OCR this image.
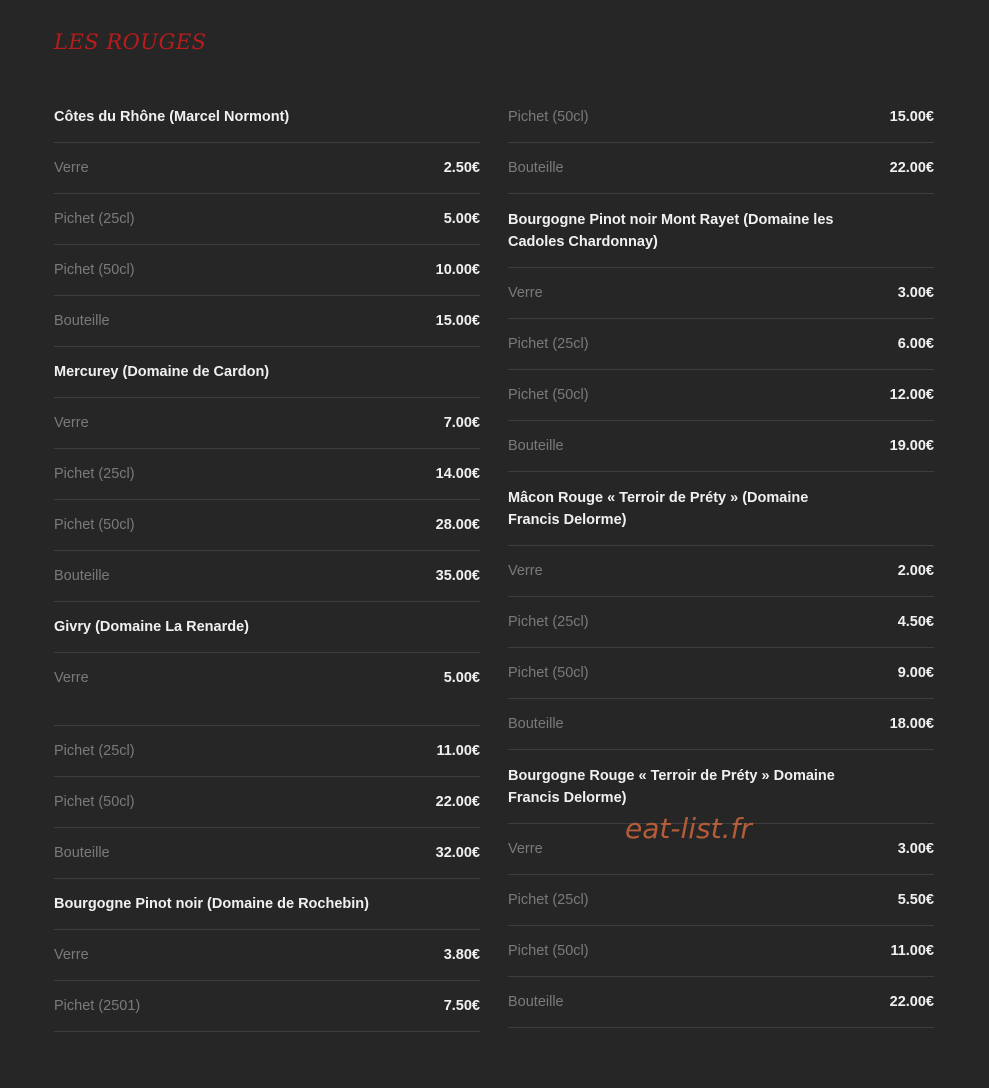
LES ROUGES
Côtes du Rhône (Marcel Normont)
Verre	2.50€
Pichet (25cl)	5.00€
Pichet (50cl)	10.00€
Bouteille	15.00€
Mercurey (Domaine de Cardon)
Verre	7.00€
Pichet (25cl)	14.00€
Pichet (50cl)	28.00€
Bouteille	35.00€
Givry (Domaine La Renarde)
Verre	5.00€
Pichet (25cl)	11.00€
Pichet (50cl)	22.00€
Bouteille	32.00€
Bourgogne Pinot noir (Domaine de Rochebin)
Verre	3.80€
Pichet (2501)	7.50€
Pichet (50cl)	15.00€
Bouteille	22.00€
Bourgogne Pinot noir Mont Rayet (Domaine les Cadoles Chardonnay)
Verre	3.00€
Pichet (25cl)	6.00€
Pichet (50cl)	12.00€
Bouteille	19.00€
Mâcon Rouge « Terroir de Préty » (Domaine Francis Delorme)
Verre	2.00€
Pichet (25cl)	4.50€
Pichet (50cl)	9.00€
Bouteille	18.00€
Bourgogne Rouge « Terroir de Préty » Domaine Francis Delorme)
Verre	3.00€
Pichet (25cl)	5.50€
Pichet (50cl)	11.00€
Bouteille	22.00€
eat-list.fr
